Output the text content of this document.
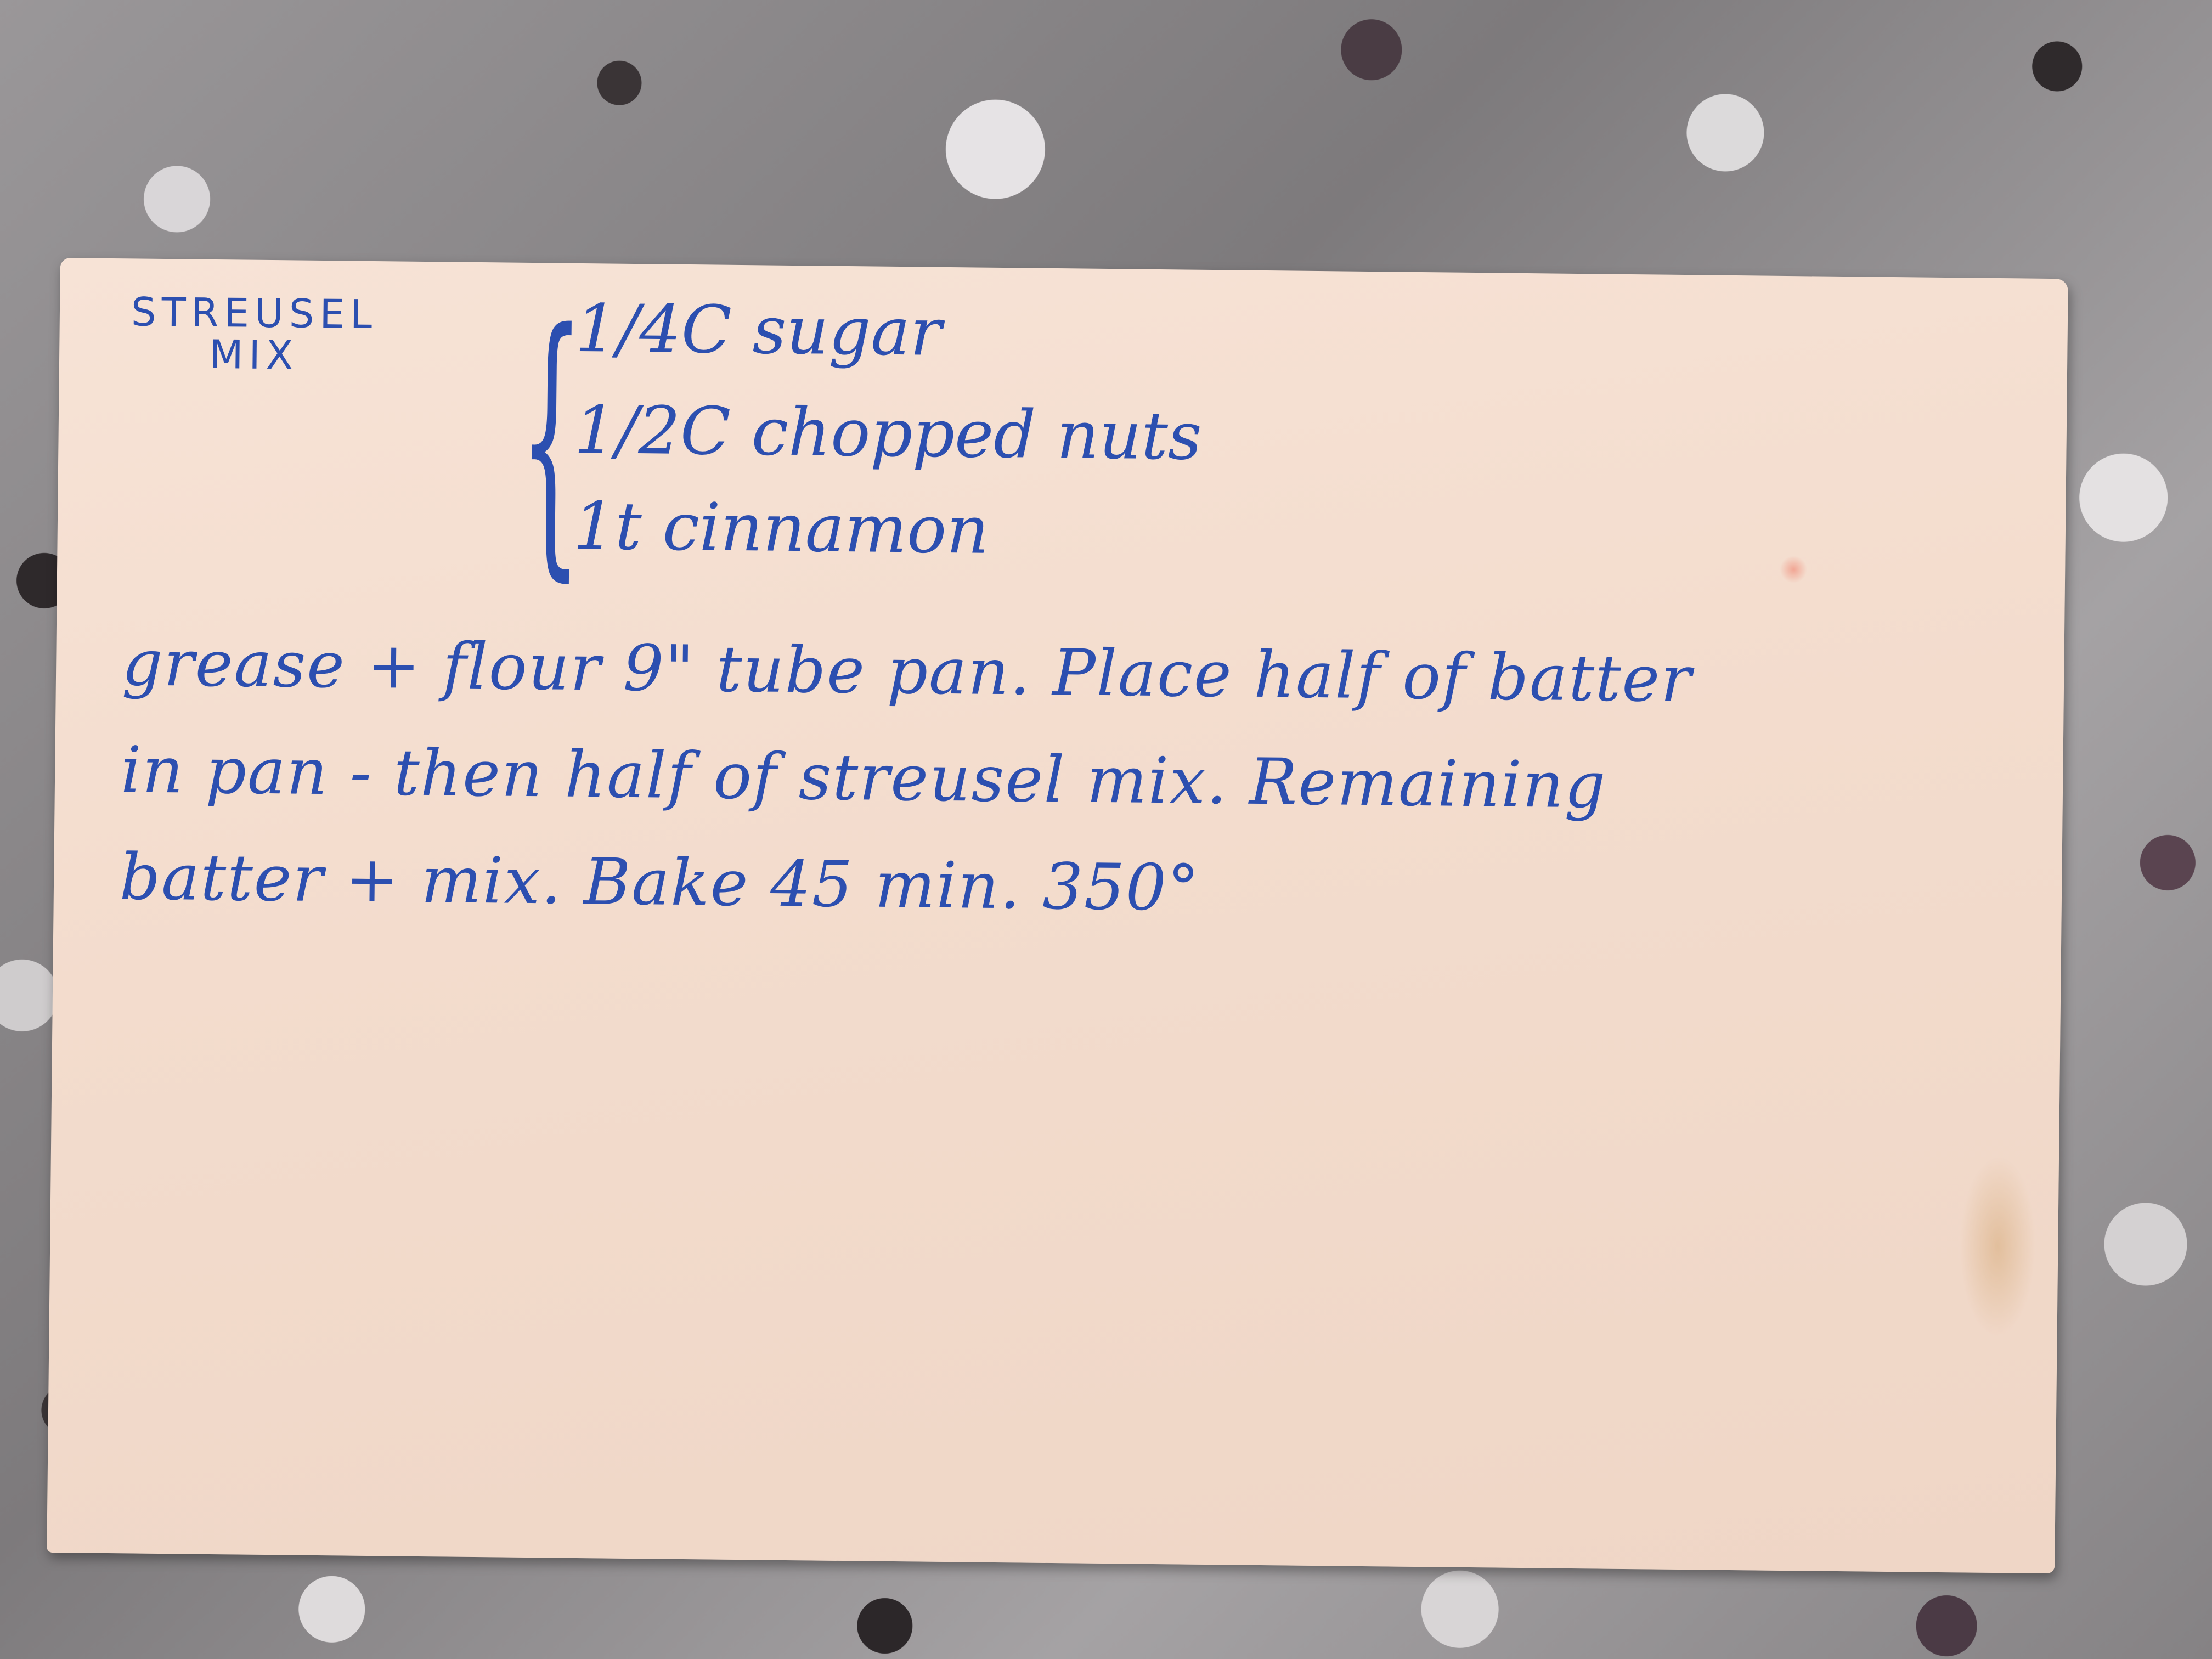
STREUSEL
MIX {
1/4C sugar
1/2C chopped nuts
1t cinnamon
grease + flour 9" tube pan. Place half of batter
in pan - then half of streusel mix. Remaining
batter + mix. Bake 45 min. 350°
